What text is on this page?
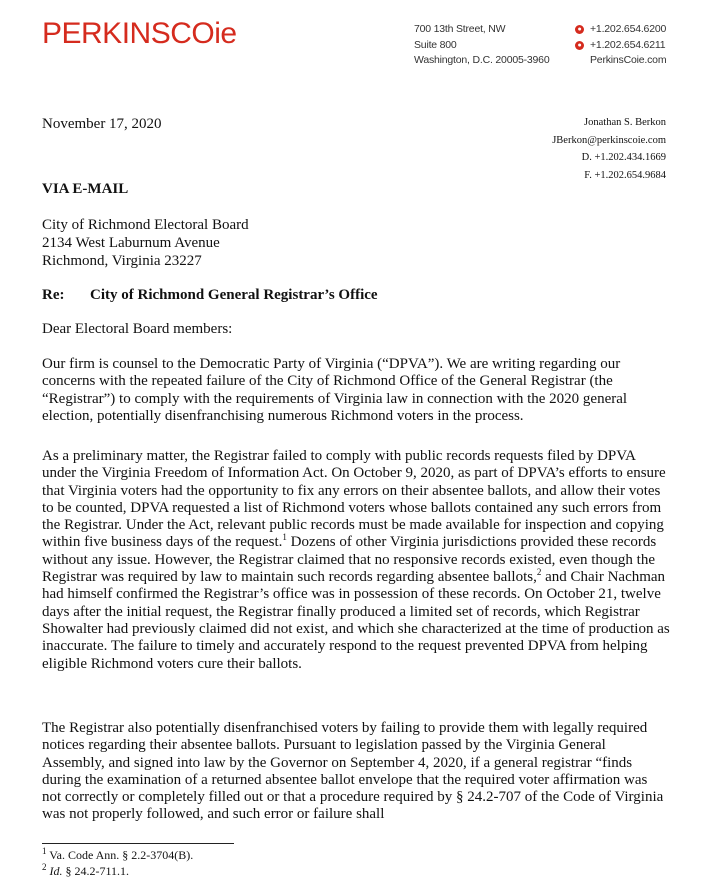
PERKINSCOie	700 13th Street, NW
Suite 800
Washington, D.C. 20005-3960
● +1.202.654.6200
● +1.202.654.6211
PerkinsCoie.com
November 17, 2020	Jonathan S. Berkon
JBerkon@perkinscoie.com
D. +1.202.434.1669
F. +1.202.654.9684
VIA E-MAIL
City of Richmond Electoral Board
2134 West Laburnum Avenue
Richmond, Virginia 23227
Re: City of Richmond General Registrar’s Office
Dear Electoral Board members:
Our firm is counsel to the Democratic Party of Virginia (“DPVA”). We are writing regarding our concerns with the repeated failure of the City of Richmond Office of the General Registrar (the “Registrar”) to comply with the requirements of Virginia law in connection with the 2020 general election, potentially disenfranchising numerous Richmond voters in the process.
As a preliminary matter, the Registrar failed to comply with public records requests filed by DPVA under the Virginia Freedom of Information Act. On October 9, 2020, as part of DPVA’s efforts to ensure that Virginia voters had the opportunity to fix any errors on their absentee ballots, and allow their votes to be counted, DPVA requested a list of Richmond voters whose ballots contained any such errors from the Registrar. Under the Act, relevant public records must be made available for inspection and copying within five business days of the request.$^1$ Dozens of other Virginia jurisdictions provided these records without any issue. However, the Registrar claimed that no responsive records existed, even though the Registrar was required by law to maintain such records regarding absentee ballots,$^2$ and Chair Nachman had himself confirmed the Registrar’s office was in possession of these records. On October 21, twelve days after the initial request, the Registrar finally produced a limited set of records, which Registrar Showalter had previously claimed did not exist, and which she characterized at the time of production as inaccurate. The failure to timely and accurately respond to the request prevented DPVA from helping eligible Richmond voters cure their ballots.
The Registrar also potentially disenfranchised voters by failing to provide them with legally required notices regarding their absentee ballots. Pursuant to legislation passed by the Virginia General Assembly, and signed into law by the Governor on September 4, 2020, if a general registrar “finds during the examination of a returned absentee ballot envelope that the required voter affirmation was not correctly or completely filled out or that a procedure required by § 24.2-707 of the Code of Virginia was not properly followed, and such error or failure shall
$^1$ Va. Code Ann. § 2.2-3704(B).
$^2$ Id. § 24.2-711.1.
